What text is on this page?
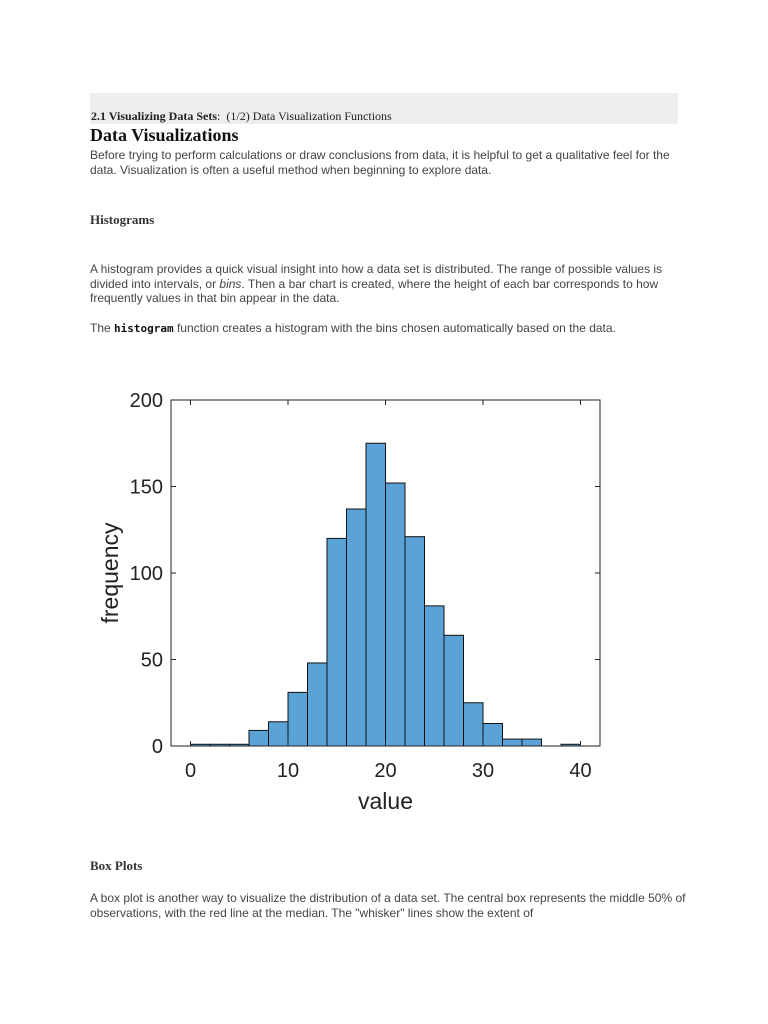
2.1 Visualizing Data Sets: (1/2) Data Visualization Functions
Data Visualizations

Before trying to perform calculations or draw conclusions from data, it is helpful to get a qualitative feel for the data. Visualization is often a useful method when beginning to explore data.

Histograms

A histogram provides a quick visual insight into how a data set is distributed. The range of possible values is divided into intervals, or bins. Then a bar chart is created, where the height of each bar corresponds to how frequently values in that bin appear in the data.

The histogram function creates a histogram with the bins chosen automatically based on the data.

0
50
100
150
200
0	10	20	30	40
value
frequency
Box Plots

A box plot is another way to visualize the distribution of a data set. The central box represents the middle 50% of observations, with the red line at the median. The "whisker" lines show the extent of
